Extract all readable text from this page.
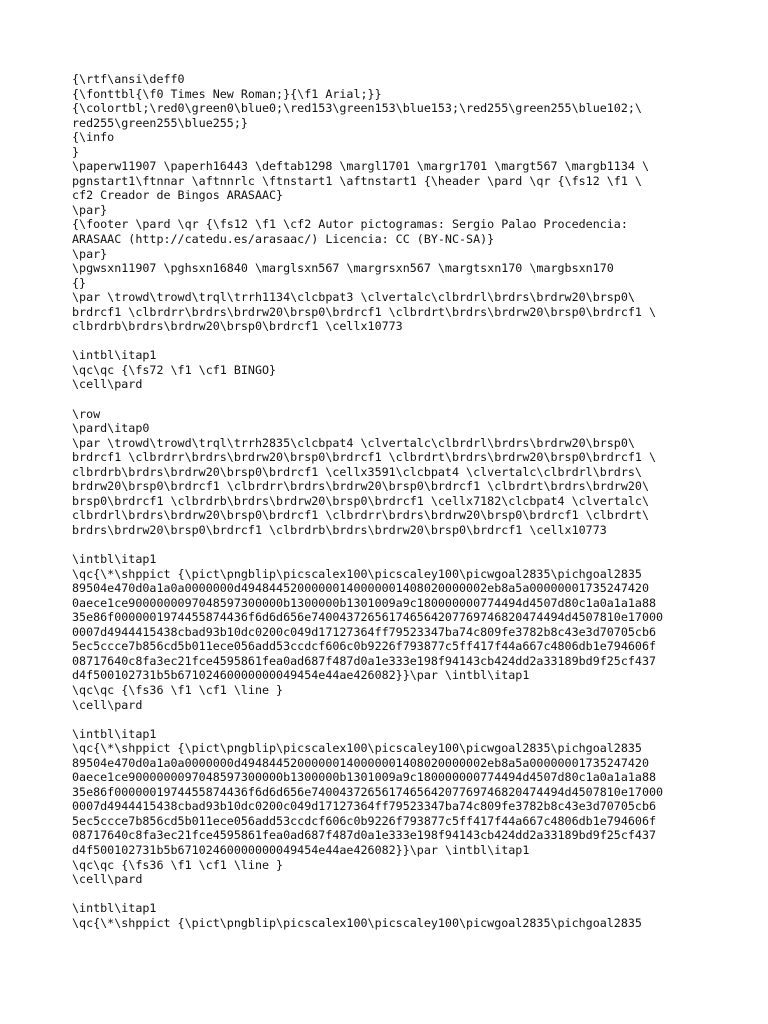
{\rtf\ansi\deff0
{\fonttbl{\f0 Times New Roman;}{\f1 Arial;}}
{\colortbl;\red0\green0\blue0;\red153\green153\blue153;\red255\green255\blue102;\
red255\green255\blue255;}
{\info
}
\paperw11907 \paperh16443 \deftab1298 \margl1701 \margr1701 \margt567 \margb1134 \
pgnstart1\ftnnar \aftnnrlc \ftnstart1 \aftnstart1 {\header \pard \qr {\fs12 \f1 \
cf2 Creador de Bingos ARASAAC}
\par}
{\footer \pard \qr {\fs12 \f1 \cf2 Autor pictogramas: Sergio Palao Procedencia:
ARASAAC (http://catedu.es/arasaac/) Licencia: CC (BY-NC-SA)}
\par}
\pgwsxn11907 \pghsxn16840 \marglsxn567 \margrsxn567 \margtsxn170 \margbsxn170
{}
\par \trowd\trowd\trql\trrh1134\clcbpat3 \clvertalc\clbrdrl\brdrs\brdrw20\brsp0\
brdrcf1 \clbrdrr\brdrs\brdrw20\brsp0\brdrcf1 \clbrdrt\brdrs\brdrw20\brsp0\brdrcf1 \
clbrdrb\brdrs\brdrw20\brsp0\brdrcf1 \cellx10773
\intbl\itap1
\qc\qc {\fs72 \f1 \cf1 BINGO}
\cell\pard
\row
\pard\itap0
\par \trowd\trowd\trql\trrh2835\clcbpat4 \clvertalc\clbrdrl\brdrs\brdrw20\brsp0\
brdrcf1 \clbrdrr\brdrs\brdrw20\brsp0\brdrcf1 \clbrdrt\brdrs\brdrw20\brsp0\brdrcf1 \
clbrdrb\brdrs\brdrw20\brsp0\brdrcf1 \cellx3591\clcbpat4 \clvertalc\clbrdrl\brdrs\
brdrw20\brsp0\brdrcf1 \clbrdrr\brdrs\brdrw20\brsp0\brdrcf1 \clbrdrt\brdrs\brdrw20\
brsp0\brdrcf1 \clbrdrb\brdrs\brdrw20\brsp0\brdrcf1 \cellx7182\clcbpat4 \clvertalc\
clbrdrl\brdrs\brdrw20\brsp0\brdrcf1 \clbrdrr\brdrs\brdrw20\brsp0\brdrcf1 \clbrdrt\
brdrs\brdrw20\brsp0\brdrcf1 \clbrdrb\brdrs\brdrw20\brsp0\brdrcf1 \cellx10773
\intbl\itap1
\qc{\*\shppict {\pict\pngblip\picscalex100\picscaley100\picwgoal2835\pichgoal2835
89504e470d0a1a0a0000000d49484452000000140000001408020000002eb8a5a00000001735247420
0aece1ce9000000097048597300000b1300000b1301009a9c180000000774494d4507d80c1a0a1a1a88
35e86f0000001974455874436f6d6d656e740043726561746564207769746820474494d4507810e17000
0007d4944415438cbad93b10dc0200c049d17127364ff79523347ba74c809fe3782b8c43e3d70705cb6
5ec5ccce7b856cd5b011ece056add53ccdcf606c0b9226f793877c5ff417f44a667c4806db1e794606f
08717640c8fa3ec21fce4595861fea0ad687f487d0a1e333e198f94143cb424dd2a33189bd9f25cf437
d4f500102731b5b67102460000000049454e44ae426082}}\par \intbl\itap1
\qc\qc {\fs36 \f1 \cf1 \line }
\cell\pard
\intbl\itap1
\qc{\*\shppict {\pict\pngblip\picscalex100\picscaley100\picwgoal2835\pichgoal2835
89504e470d0a1a0a0000000d49484452000000140000001408020000002eb8a5a00000001735247420
0aece1ce9000000097048597300000b1300000b1301009a9c180000000774494d4507d80c1a0a1a1a88
35e86f0000001974455874436f6d6d656e740043726561746564207769746820474494d4507810e17000
0007d4944415438cbad93b10dc0200c049d17127364ff79523347ba74c809fe3782b8c43e3d70705cb6
5ec5ccce7b856cd5b011ece056add53ccdcf606c0b9226f793877c5ff417f44a667c4806db1e794606f
08717640c8fa3ec21fce4595861fea0ad687f487d0a1e333e198f94143cb424dd2a33189bd9f25cf437
d4f500102731b5b67102460000000049454e44ae426082}}\par \intbl\itap1
\qc\qc {\fs36 \f1 \cf1 \line }
\cell\pard
\intbl\itap1
\qc{\*\shppict {\pict\pngblip\picscalex100\picscaley100\picwgoal2835\pichgoal2835
